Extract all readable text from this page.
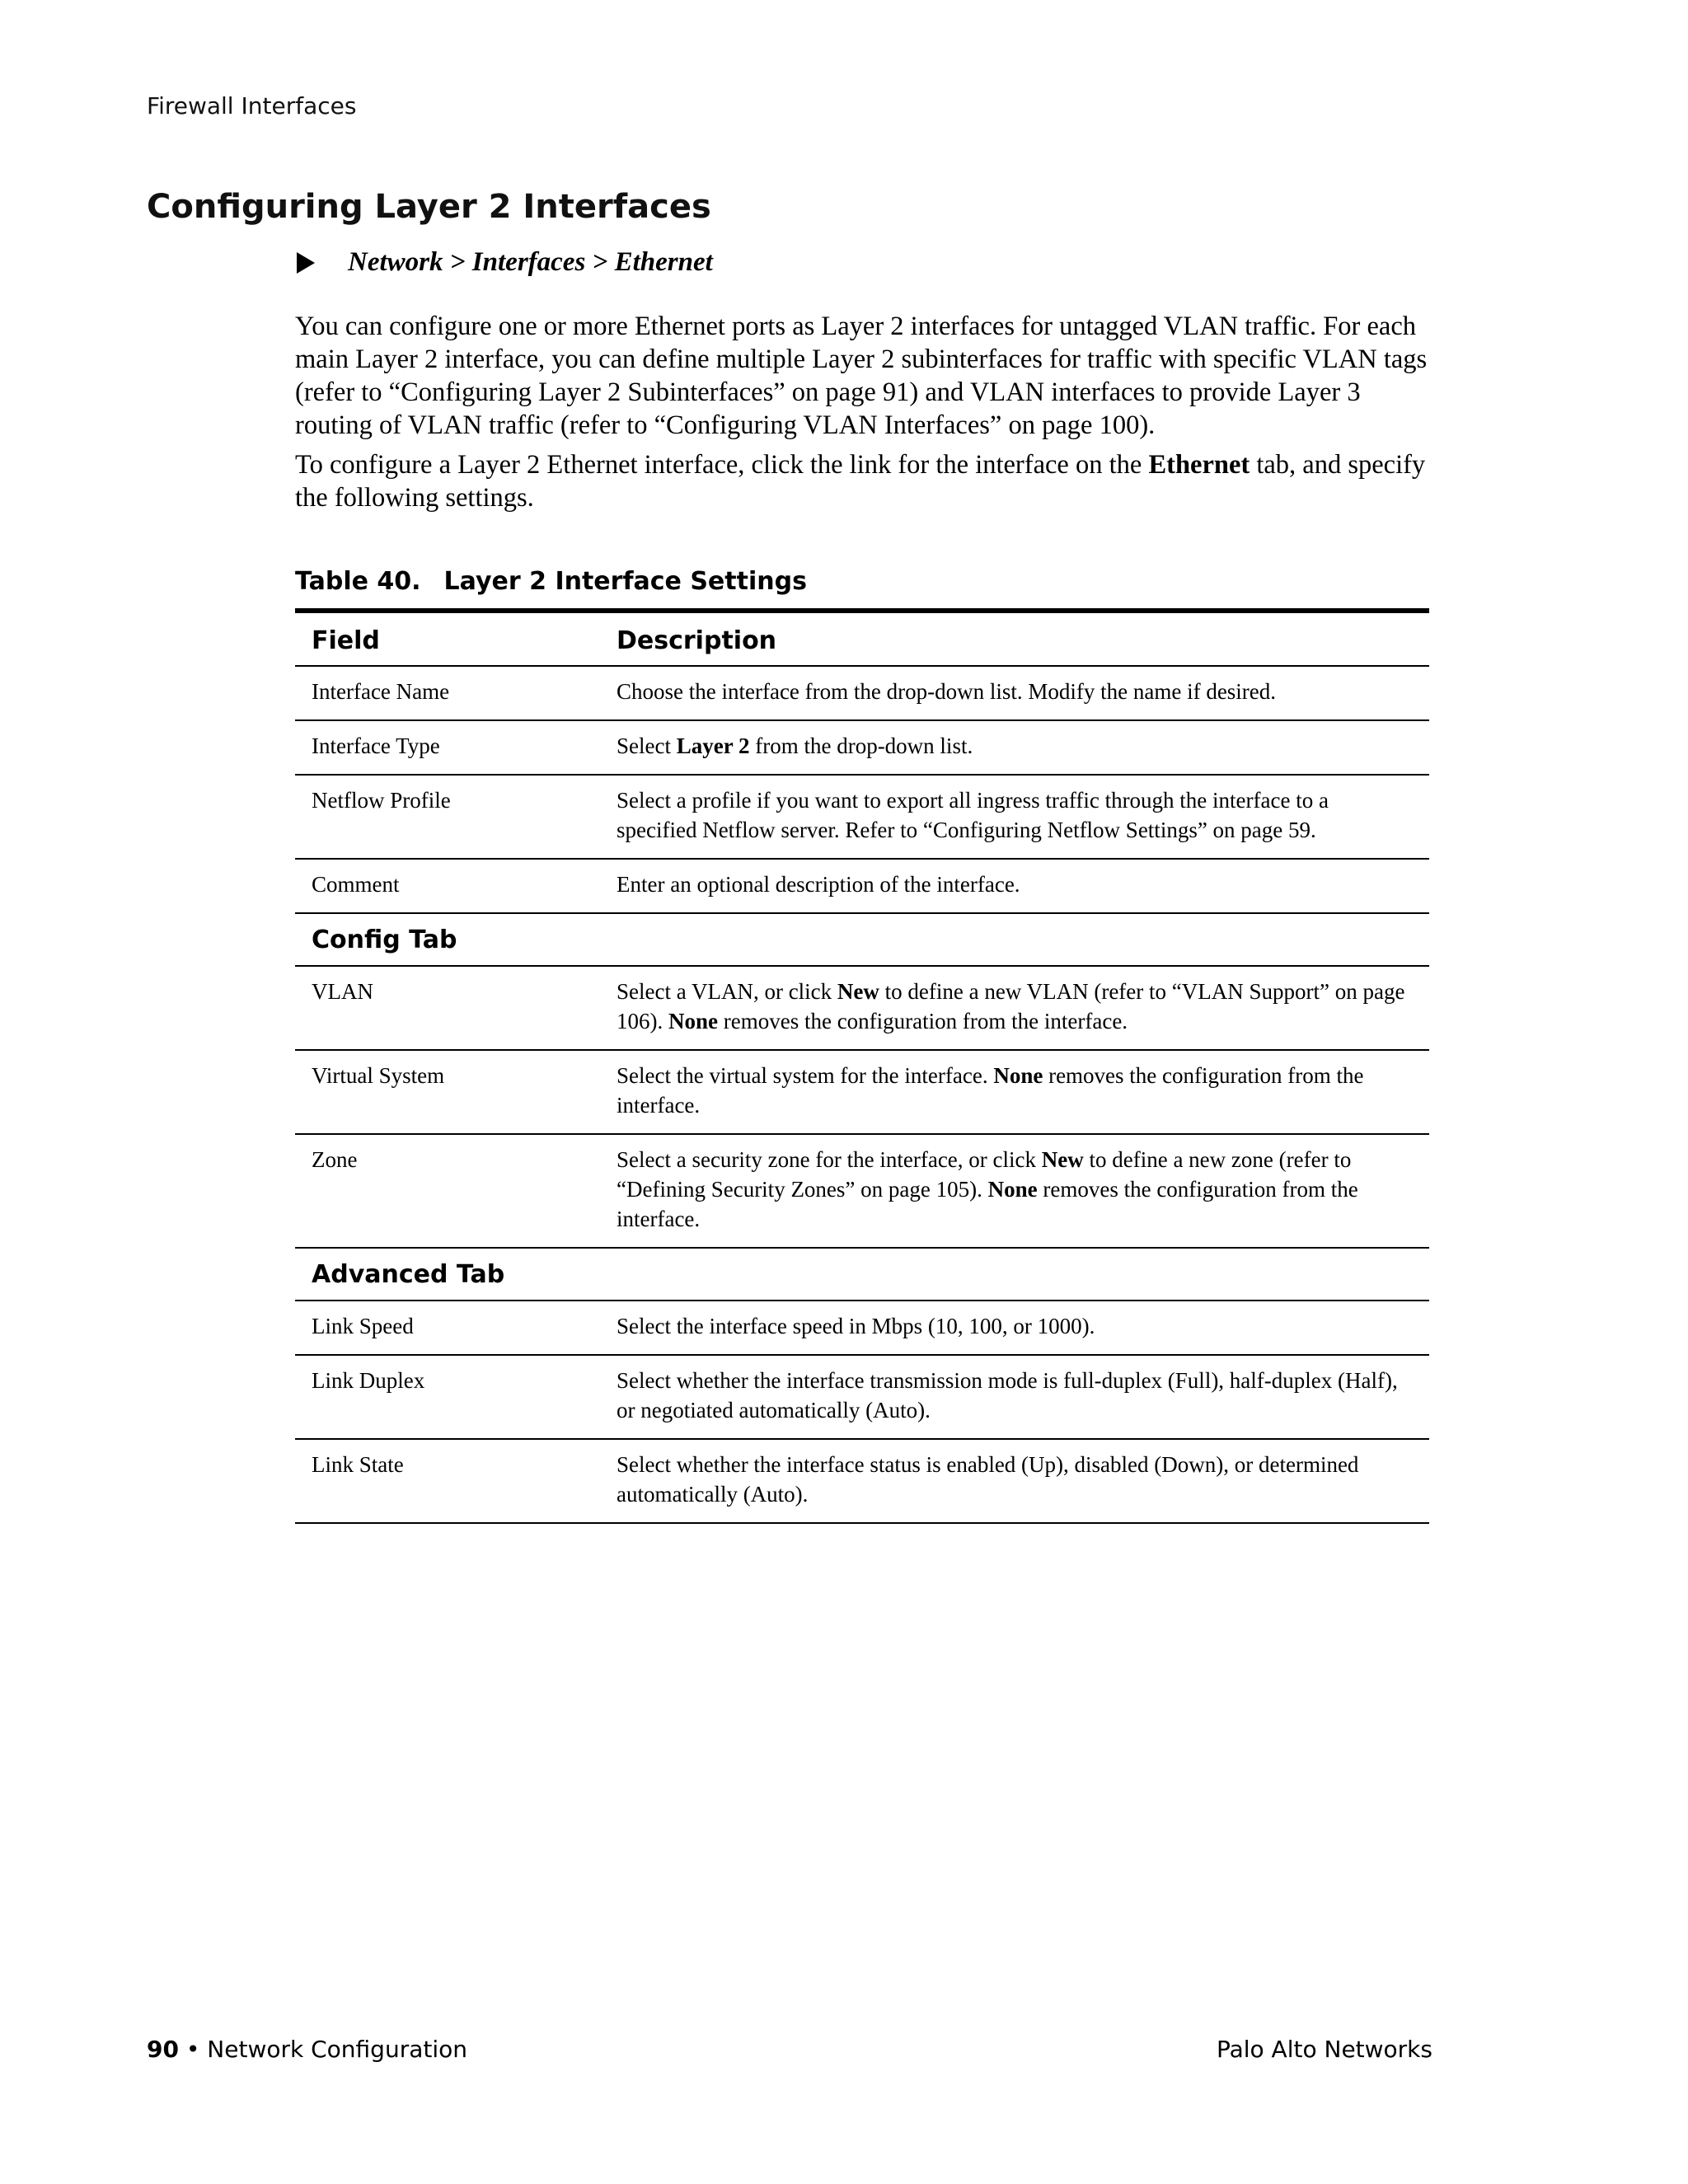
Firewall Interfaces
Configuring Layer 2 Interfaces
Network > Interfaces > Ethernet

You can configure one or more Ethernet ports as Layer 2 interfaces for untagged VLAN traffic. For each main Layer 2 interface, you can define multiple Layer 2 subinterfaces for traffic with specific VLAN tags (refer to “Configuring Layer 2 Subinterfaces” on page 91) and VLAN interfaces to provide Layer 3 routing of VLAN traffic (refer to “Configuring VLAN Interfaces” on page 100).

To configure a Layer 2 Ethernet interface, click the link for the interface on the Ethernet tab, and specify the following settings.

Table 40. Layer 2 Interface Settings
Field	Description
Interface Name	Choose the interface from the drop-down list. Modify the name if desired.
Interface Type	Select Layer 2 from the drop-down list.
Netflow Profile	Select a profile if you want to export all ingress traffic through the interface to a specified Netflow server. Refer to “Configuring Netflow Settings” on page 59.
Comment	Enter an optional description of the interface.
Config Tab	
VLAN	Select a VLAN, or click New to define a new VLAN (refer to “VLAN Support” on page 106). None removes the configuration from the interface.
Virtual System	Select the virtual system for the interface. None removes the configuration from the interface.
Zone	Select a security zone for the interface, or click New to define a new zone (refer to “Defining Security Zones” on page 105). None removes the configuration from the interface.
Advanced Tab	
Link Speed	Select the interface speed in Mbps (10, 100, or 1000).
Link Duplex	Select whether the interface transmission mode is full-duplex (Full), half-duplex (Half), or negotiated automatically (Auto).
Link State	Select whether the interface status is enabled (Up), disabled (Down), or determined automatically (Auto).
90 • Network Configuration	Palo Alto Networks
